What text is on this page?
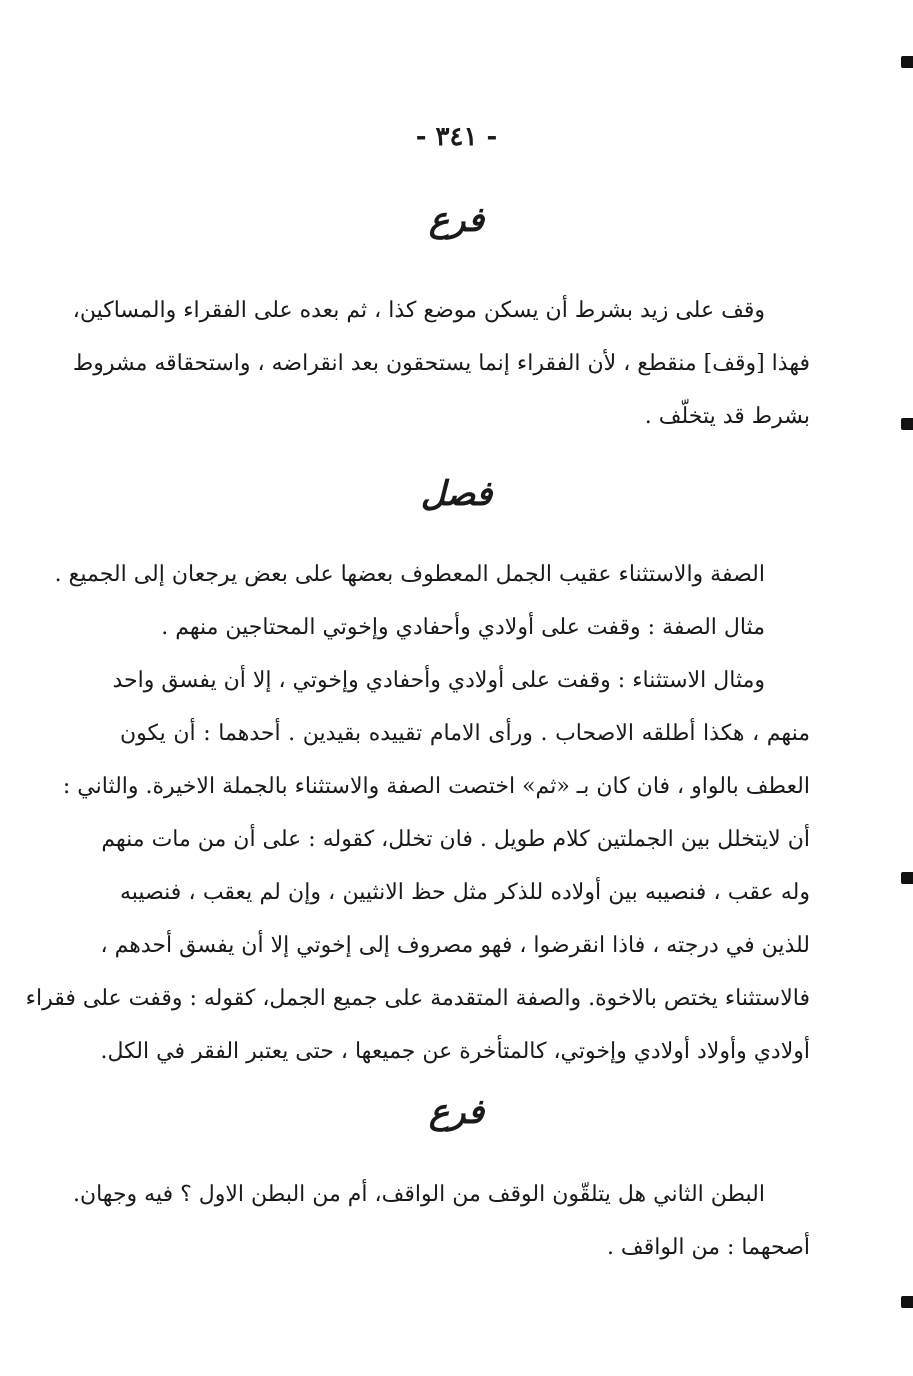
- ٣٤١ -
فرع
وقف على زيد بشرط أن يسكن موضع كذا ، ثم بعده على الفقراء والمساكين،
فهذا [وقف] منقطع ، لأن الفقراء إنما يستحقون بعد انقراضه ، واستحقاقه مشروط
بشرط قد يتخلّف .
فصل
الصفة والاستثناء عقيب الجمل المعطوف بعضها على بعض يرجعان إلى الجميع .
مثال الصفة : وقفت على أولادي وأحفادي وإخوتي المحتاجين منهم .
ومثال الاستثناء : وقفت على أولادي وأحفادي وإخوتي ، إلا أن يفسق واحد
منهم ، هكذا أطلقه الاصحاب . ورأى الامام تقييده بقيدين . أحدهما : أن يكون
العطف بالواو ، فان كان بـ «ثم» اختصت الصفة والاستثناء بالجملة الاخيرة. والثاني :
أن لايتخلل بين الجملتين كلام طويل . فان تخلل، كقوله : على أن من مات منهم
وله عقب ، فنصيبه بين أولاده للذكر مثل حظ الانثيين ، وإن لم يعقب ، فنصيبه
للذين في درجته ، فاذا انقرضوا ، فهو مصروف إلى إخوتي إلا أن يفسق أحدهم ،
فالاستثناء يختص بالاخوة. والصفة المتقدمة على جميع الجمل، كقوله : وقفت على فقراء
أولادي وأولاد أولادي وإخوتي، كالمتأخرة عن جميعها ، حتى يعتبر الفقر في الكل.
فرع
البطن الثاني هل يتلقّون الوقف من الواقف، أم من البطن الاول ؟ فيه وجهان.
أصحهما : من الواقف .
